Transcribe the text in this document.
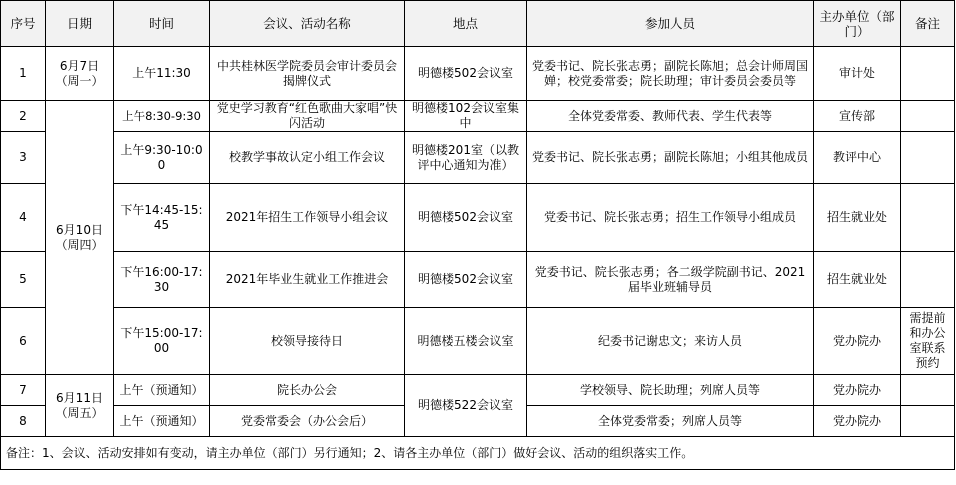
序号	日期	时间	会议、活动名称	地点	参加人员	主办单位（部门）	备注
1	6月7日（周一）	上午11:30	中共桂林医学院委员会审计委员会揭牌仪式	明德楼502会议室	党委书记、院长张志勇；副院长陈旭；总会计师周国婵；校党委常委；院长助理；审计委员会委员等	审计处	
2	6月10日（周四）	上午8:30-9:30	党史学习教育“红色歌曲大家唱”快闪活动	明德楼102会议室集中	全体党委常委、教师代表、学生代表等	宣传部	
3		上午9:30-10:00	校教学事故认定小组工作会议	明德楼201室（以教评中心通知为准）	党委书记、院长张志勇；副院长陈旭；小组其他成员	教评中心	
4		下午14:45-15:45	2021年招生工作领导小组会议	明德楼502会议室	党委书记、院长张志勇；招生工作领导小组成员	招生就业处	
5		下午16:00-17:30	2021年毕业生就业工作推进会	明德楼502会议室	党委书记、院长张志勇；各二级学院副书记、2021届毕业班辅导员	招生就业处	
6		下午15:00-17:00	校领导接待日	明德楼五楼会议室	纪委书记谢忠文；来访人员	党办院办	需提前和办公室联系预约
7	6月11日（周五）	上午（预通知）	院长办公会	明德楼522会议室	学校领导、院长助理；列席人员等	党办院办	
8		上午（预通知）	党委常委会（办公会后）		全体党委常委；列席人员等	党办院办	
备注：1、会议、活动安排如有变动，请主办单位（部门）另行通知；2、请各主办单位（部门）做好会议、活动的组织落实工作。							
